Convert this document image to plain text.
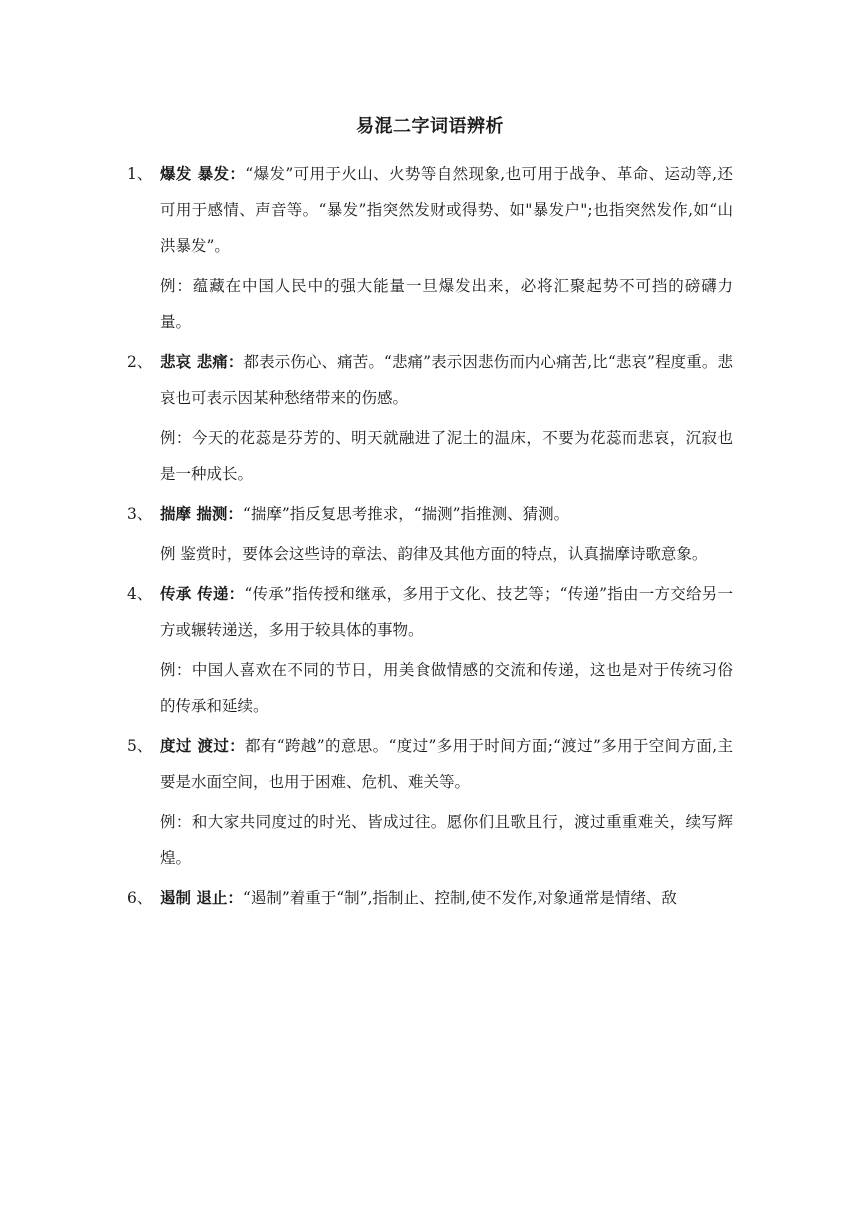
易混二字词语辨析
1、 爆发 暴发：“爆发”可用于火山、火势等自然现象,也可用于战争、革命、运动等,还可用于感情、声音等。“暴发”指突然发财或得势、如"暴发户";也指突然发作,如“山洪暴发”。
例：蕴藏在中国人民中的强大能量一旦爆发出来，必将汇聚起势不可挡的磅礴力量。
2、 悲哀 悲痛：都表示伤心、痛苦。“悲痛”表示因悲伤而内心痛苦,比“悲哀”程度重。悲哀也可表示因某种愁绪带来的伤感。
例：今天的花蕊是芬芳的、明天就融进了泥土的温床，不要为花蕊而悲哀，沉寂也是一种成长。
3、 揣摩 揣测：“揣摩”指反复思考推求，“揣测”指推测、猜测。
例 鉴赏时，要体会这些诗的章法、韵律及其他方面的特点，认真揣摩诗歌意象。
4、 传承 传递：“传承”指传授和继承，多用于文化、技艺等；“传递”指由一方交给另一方或辗转递送，多用于较具体的事物。
例：中国人喜欢在不同的节日，用美食做情感的交流和传递，这也是对于传统习俗的传承和延续。
5、 度过 渡过：都有“跨越”的意思。“度过”多用于时间方面;“渡过”多用于空间方面,主要是水面空间，也用于困难、危机、难关等。
例：和大家共同度过的时光、皆成过往。愿你们且歌且行，渡过重重难关，续写辉煌。
6、 遏制 退止：“遏制”着重于“制”,指制止、控制,使不发作,对象通常是情绪、敌
